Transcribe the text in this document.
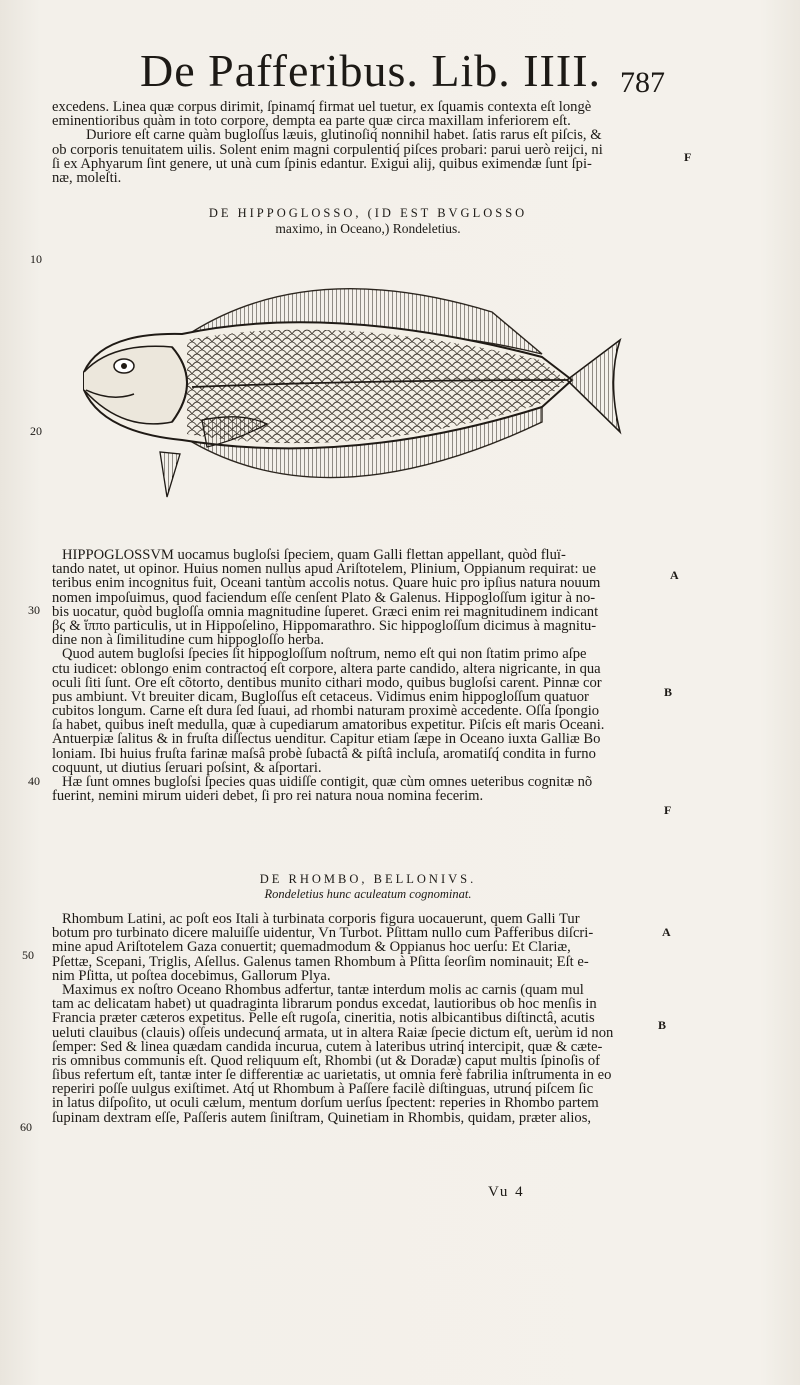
De Pafferibus. Lib. IIII. 787
excedens. Linea quæ corpus dirimit, ſpinamq́ firmat uel tuetur, ex ſquamis contexta eſt longè
eminentioribus quàm in toto corpore, dempta ea parte quæ circa maxillam inferiorem eſt.
Duriore eſt carne quàm bugloſſus læuis, glutinoſiq́ nonnihil habet. ſatis rarus eſt piſcis, &
ob corporis tenuitatem uilis. Solent enim magni corpulentiq́ piſces probari: parui uerò reijci, ni
ſi ex Aphyarum ſint genere, ut unà cum ſpinis edantur. Exigui alij, quibus eximendæ ſunt ſpi-
næ, moleſti.
DE HIPPOGLOSSO, (ID EST BVGLOSSO
maximo, in Oceano,) Rondeletius.
HIPPOGLOSSVM uocamus bugloſsi ſpeciem, quam Galli flettan appellant, quòd fluï-
tando natet, ut opinor. Huius nomen nullus apud Ariſtotelem, Plinium, Oppianum requirat: ue
teribus enim incognitus fuit, Oceani tantùm accolis notus. Quare huic pro ipſius natura nouum
nomen impoſuimus, quod faciendum eſſe cenſent Plato & Galenus. Hippogloſſum igitur à no-
bis uocatur, quòd bugloſſa omnia magnitudine ſuperet. Græci enim rei magnitudinem indicant
βϛ & ἵππο particulis, ut in Hippoſelino, Hippomarathro. Sic hippogloſſum dicimus à magnitu-
dine non à ſimilitudine cum hippogloſſo herba.
Quod autem bugloſsi ſpecies ſit hippogloſſum noſtrum, nemo eſt qui non ſtatim primo aſpe
ctu iudicet: oblongo enim contractoq́ eſt corpore, altera parte candido, altera nigricante, in qua
oculi ſiti ſunt. Ore eſt cõtorto, dentibus munito cithari modo, quibus bugloſsi carent. Pinnæ cor
pus ambiunt. Vt breuiter dicam, Bugloſſus eſt cetaceus. Vidimus enim hippogloſſum quatuor
cubitos longum. Carne eſt dura ſed ſuaui, ad rhombi naturam proximè accedente. Oſſa ſpongio
ſa habet, quibus ineſt medulla, quæ à cupediarum amatoribus expetitur. Piſcis eſt maris Oceani.
Antuerpiæ ſalitus & in fruſta diſſectus uenditur. Capitur etiam ſæpe in Oceano iuxta Galliæ Bo
loniam. Ibi huius fruſta farinæ maſsâ probè ſubactâ & piſtâ incluſa, aromatiſq́ condita in furno
coquunt, ut diutius ſeruari poſsint, & aſportari.
Hæ ſunt omnes bugloſsi ſpecies quas uidiſſe contigit, quæ cùm omnes ueteribus cognitæ nõ
fuerint, nemini mirum uideri debet, ſi pro rei natura noua nomina fecerim.
DE RHOMBO, BELLONIVS.
Rondeletius hunc aculeatum cognominat.
Rhombum Latini, ac poſt eos Itali à turbinata corporis figura uocauerunt, quem Galli Tur
botum pro turbinato dicere maluiſſe uidentur, Vn Turbot. Pſittam nullo cum Pafferibus diſcri-
mine apud Ariſtotelem Gaza conuertit; quemadmodum & Oppianus hoc uerſu: Et Clariæ,
Pſettæ, Scepani, Triglis, Aſellus. Galenus tamen Rhombum à Pſitta ſeorſim nominauit; Eſt e-
nim Pſitta, ut poſtea docebimus, Gallorum Plya.
Maximus ex noſtro Oceano Rhombus adfertur, tantæ interdum molis ac carnis (quam mul
tam ac delicatam habet) ut quadraginta librarum pondus excedat, lautioribus ob hoc menſis in
Francia præter cæteros expetitus. Pelle eſt rugoſa, cineritia, notis albicantibus diſtinctâ, acutis
ueluti clauibus (clauis) oſſeis undecunq́ armata, ut in altera Raiæ ſpecie dictum eſt, uerùm id non
ſemper: Sed & linea quædam candida incurua, cutem à lateribus utrinq́ intercipit, quæ & cæte-
ris omnibus communis eſt. Quod reliquum eſt, Rhombi (ut & Doradæ) caput multis ſpinoſis of
ſibus refertum eſt, tantæ inter ſe differentiæ ac uarietatis, ut omnia ferè fabrilia inſtrumenta in eo
reperiri poſſe uulgus exiſtimet. Atq́ ut Rhombum à Paſſere facilè diſtinguas, utrunq́ piſcem ſic
in latus diſpoſito, ut oculi cælum, mentum dorſum uerſus ſpectent: reperies in Rhombo partem
ſupinam dextram eſſe, Paſſeris autem ſiniſtram, Quinetiam in Rhombis, quidam, præter alios,
Vu 4
10
20
30
40
50
60
F
A
B
F
A
B
